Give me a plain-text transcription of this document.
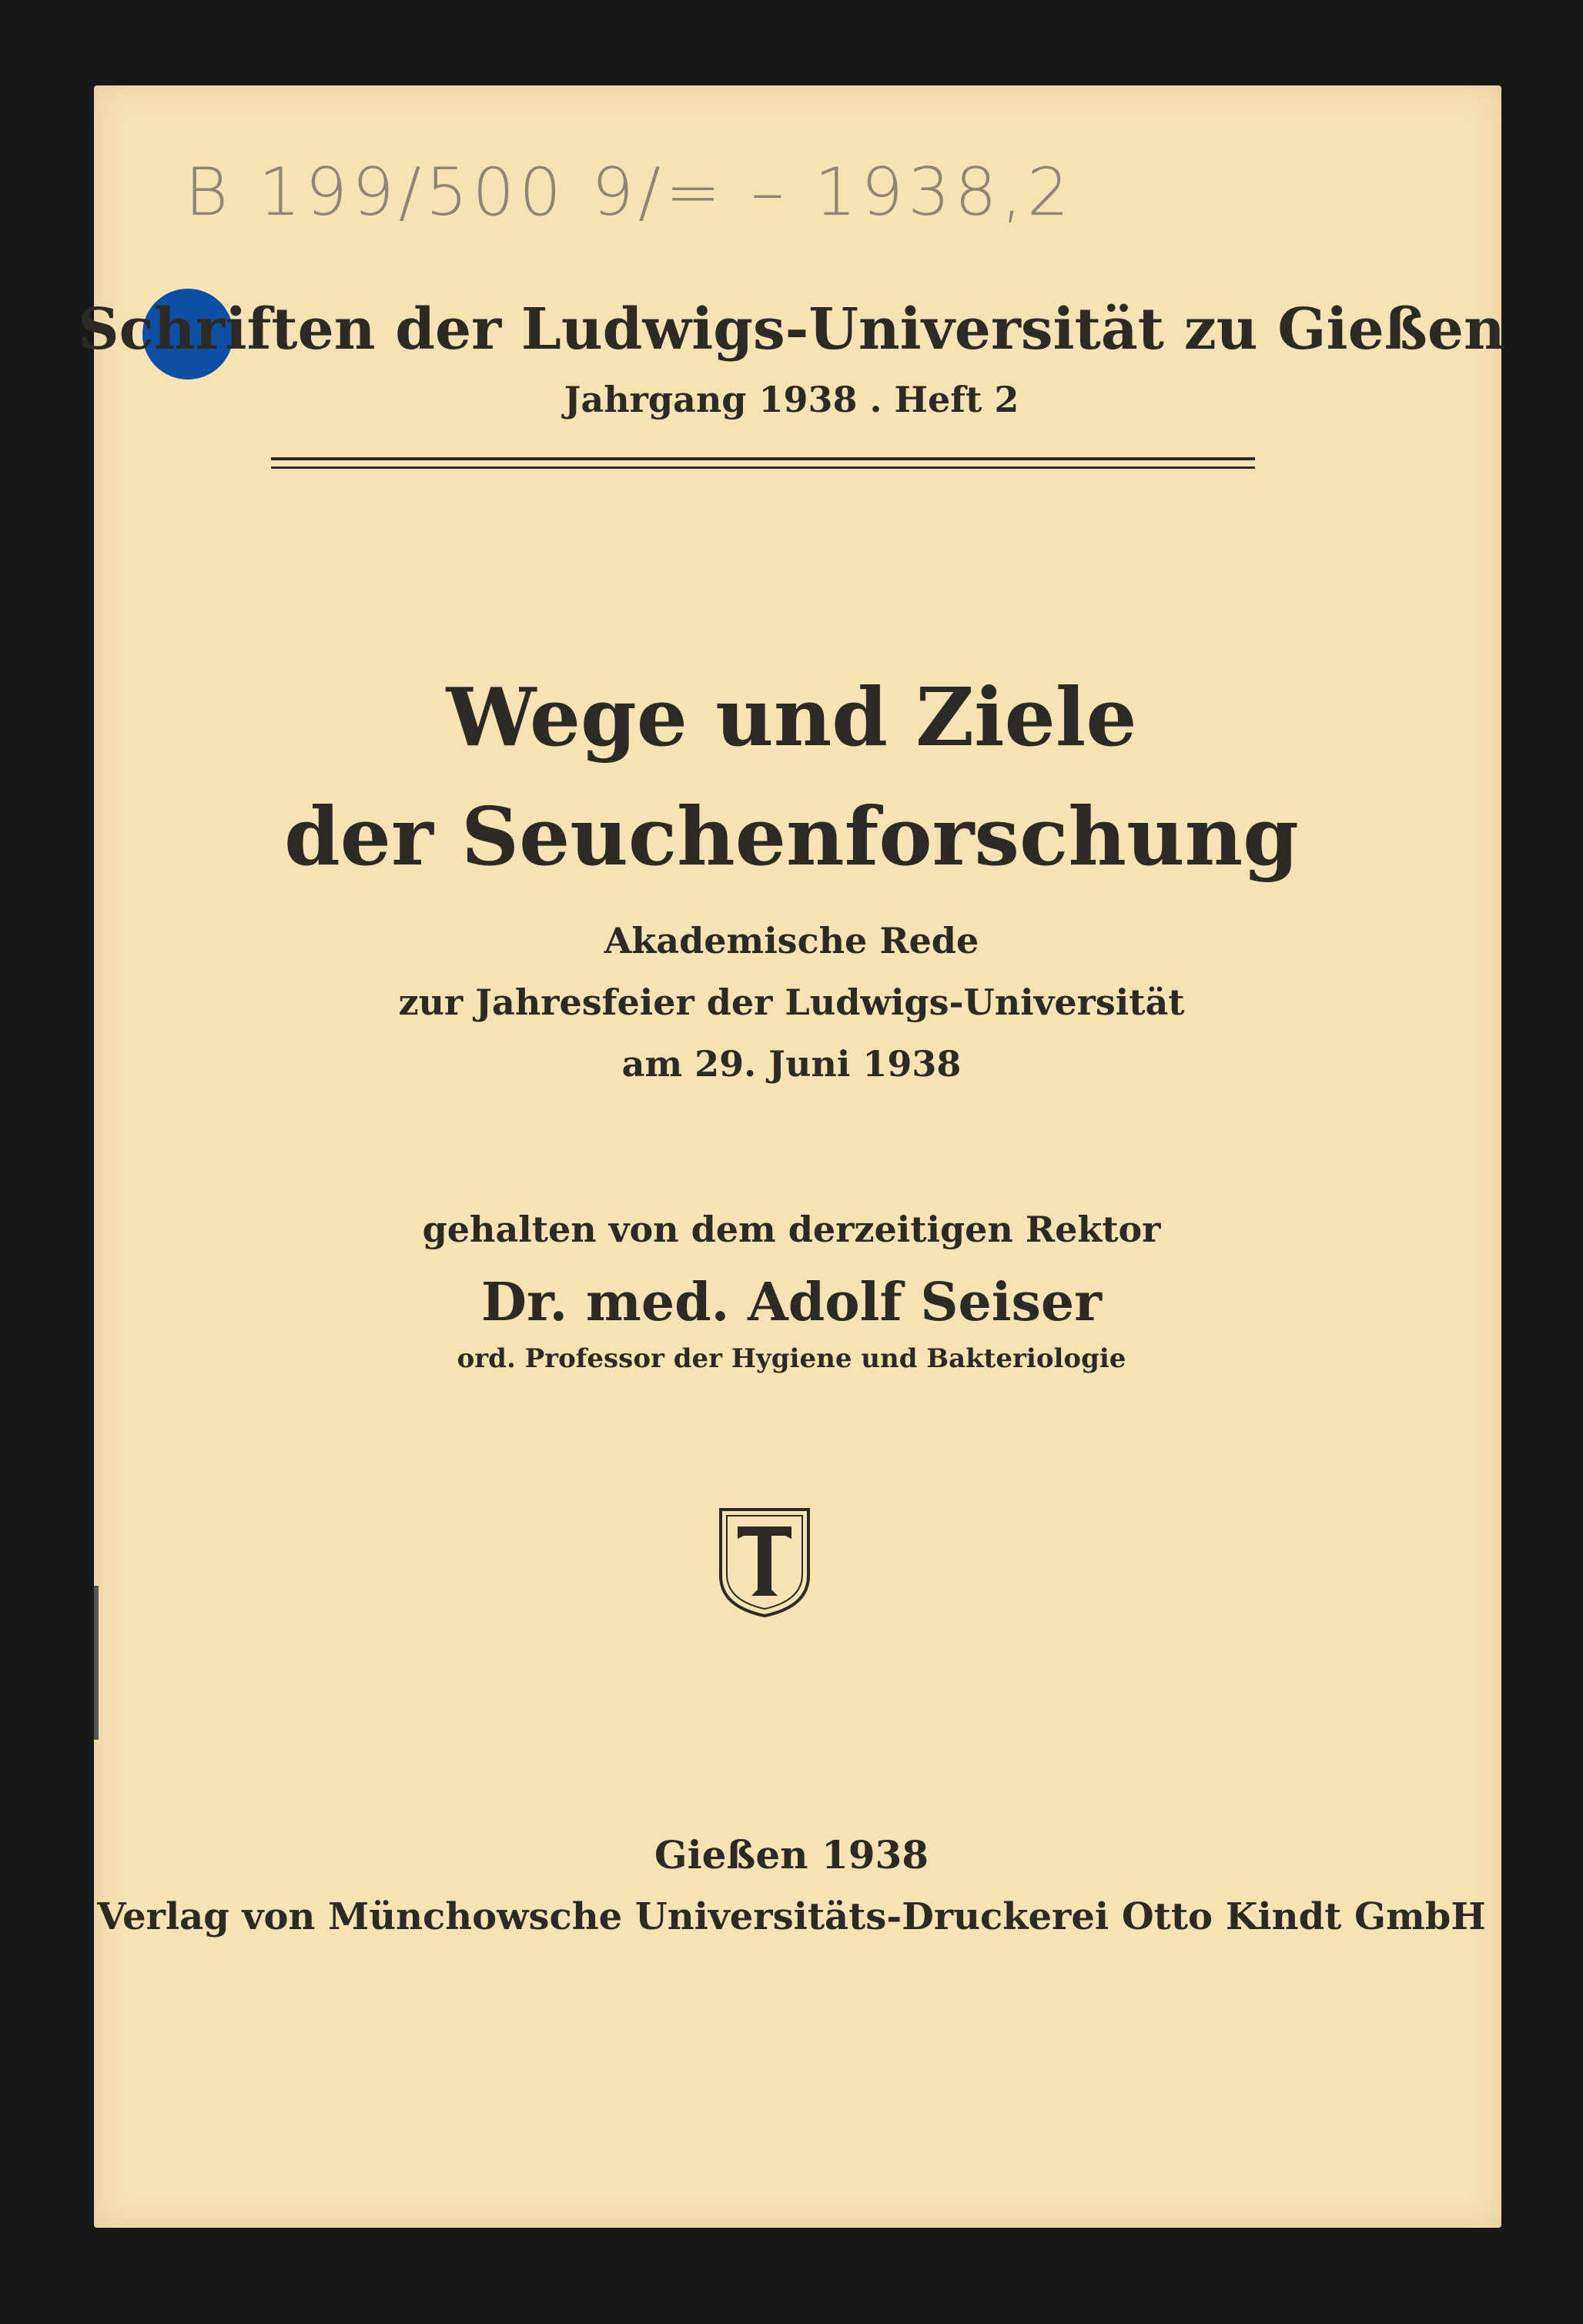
B 199/500 9/= – 1938,2
Schriften der Ludwigs-Universität zu Gießen
Jahrgang 1938 . Heft 2
Wege und Ziele
der Seuchenforschung
Akademische Rede
zur Jahresfeier der Ludwigs-Universität
am 29. Juni 1938
gehalten von dem derzeitigen Rektor
Dr. med. Adolf Seiser
ord. Professor der Hygiene und Bakteriologie
Gießen 1938
Verlag von Münchowsche Universitäts-Druckerei Otto Kindt GmbH
